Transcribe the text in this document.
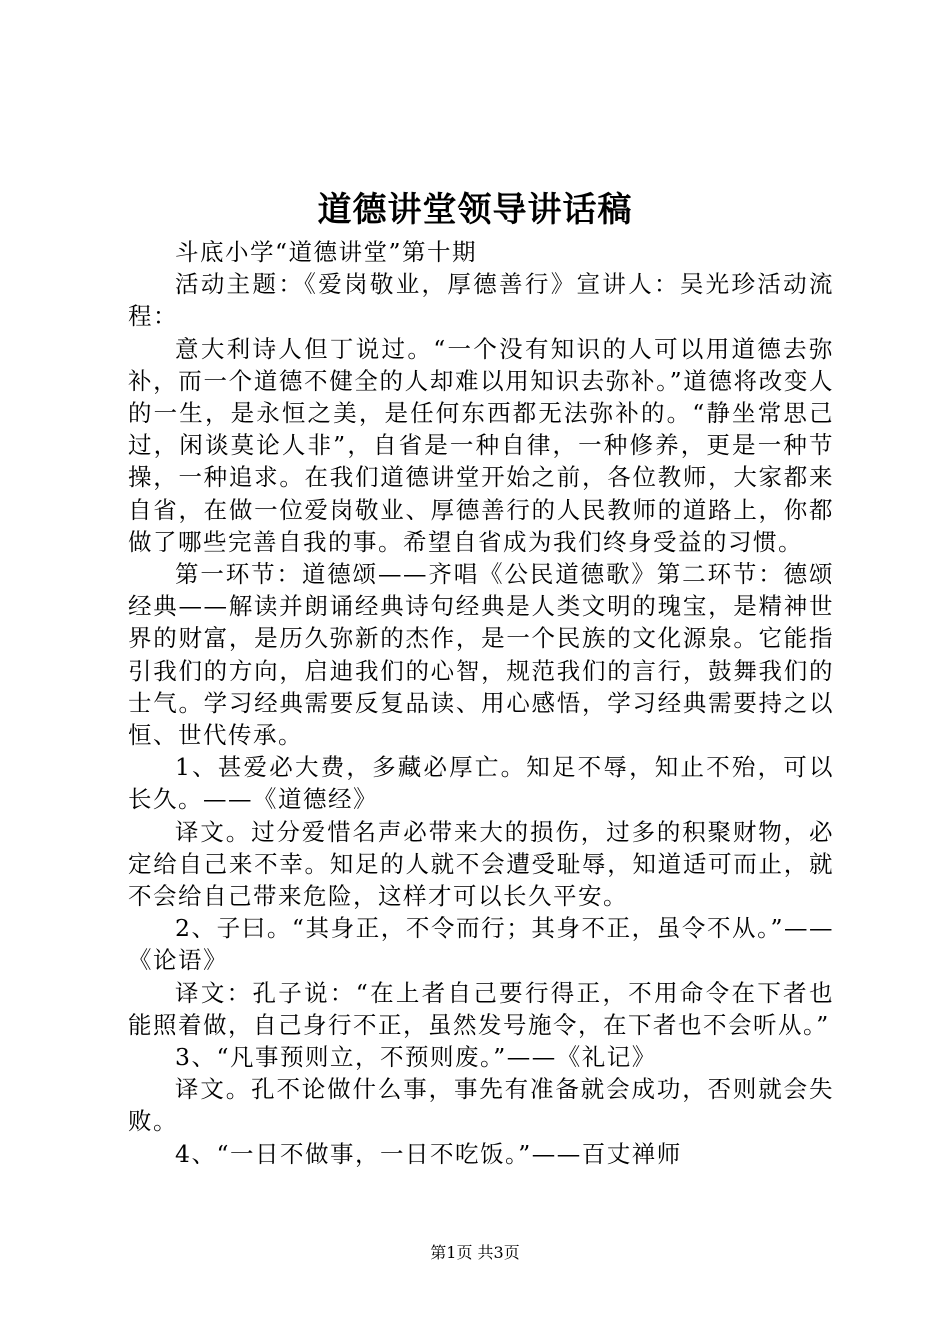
道德讲堂领导讲话稿

斗底小学“道德讲堂”第十期

活动主题：《爱岗敬业，厚德善行》宣讲人：吴光珍活动流程：

意大利诗人但丁说过。“一个没有知识的人可以用道德去弥补，而一个道德不健全的人却难以用知识去弥补。”道德将改变人的一生，是永恒之美，是任何东西都无法弥补的。“静坐常思己过，闲谈莫论人非”，自省是一种自律，一种修养，更是一种节操，一种追求。在我们道德讲堂开始之前，各位教师，大家都来自省，在做一位爱岗敬业、厚德善行的人民教师的道路上，你都做了哪些完善自我的事。希望自省成为我们终身受益的习惯。

第一环节：道德颂——齐唱《公民道德歌》第二环节：德颂经典——解读并朗诵经典诗句经典是人类文明的瑰宝，是精神世界的财富，是历久弥新的杰作，是一个民族的文化源泉。它能指引我们的方向，启迪我们的心智，规范我们的言行，鼓舞我们的士气。学习经典需要反复品读、用心感悟，学习经典需要持之以恒、世代传承。

1、甚爱必大费，多藏必厚亡。知足不辱，知止不殆，可以长久。——《道德经》

译文。过分爱惜名声必带来大的损伤，过多的积聚财物，必定给自己来不幸。知足的人就不会遭受耻辱，知道适可而止，就不会给自己带来危险，这样才可以长久平安。

2、子曰。“其身正，不令而行；其身不正，虽令不从。”——《论语》

译文：孔子说：“在上者自己要行得正，不用命令在下者也能照着做，自己身行不正，虽然发号施令，在下者也不会听从。”

3、“凡事预则立，不预则废。”——《礼记》

译文。孔不论做什么事，事先有准备就会成功，否则就会失败。

4、“一日不做事，一日不吃饭。”——百丈禅师

第1页 共3页
